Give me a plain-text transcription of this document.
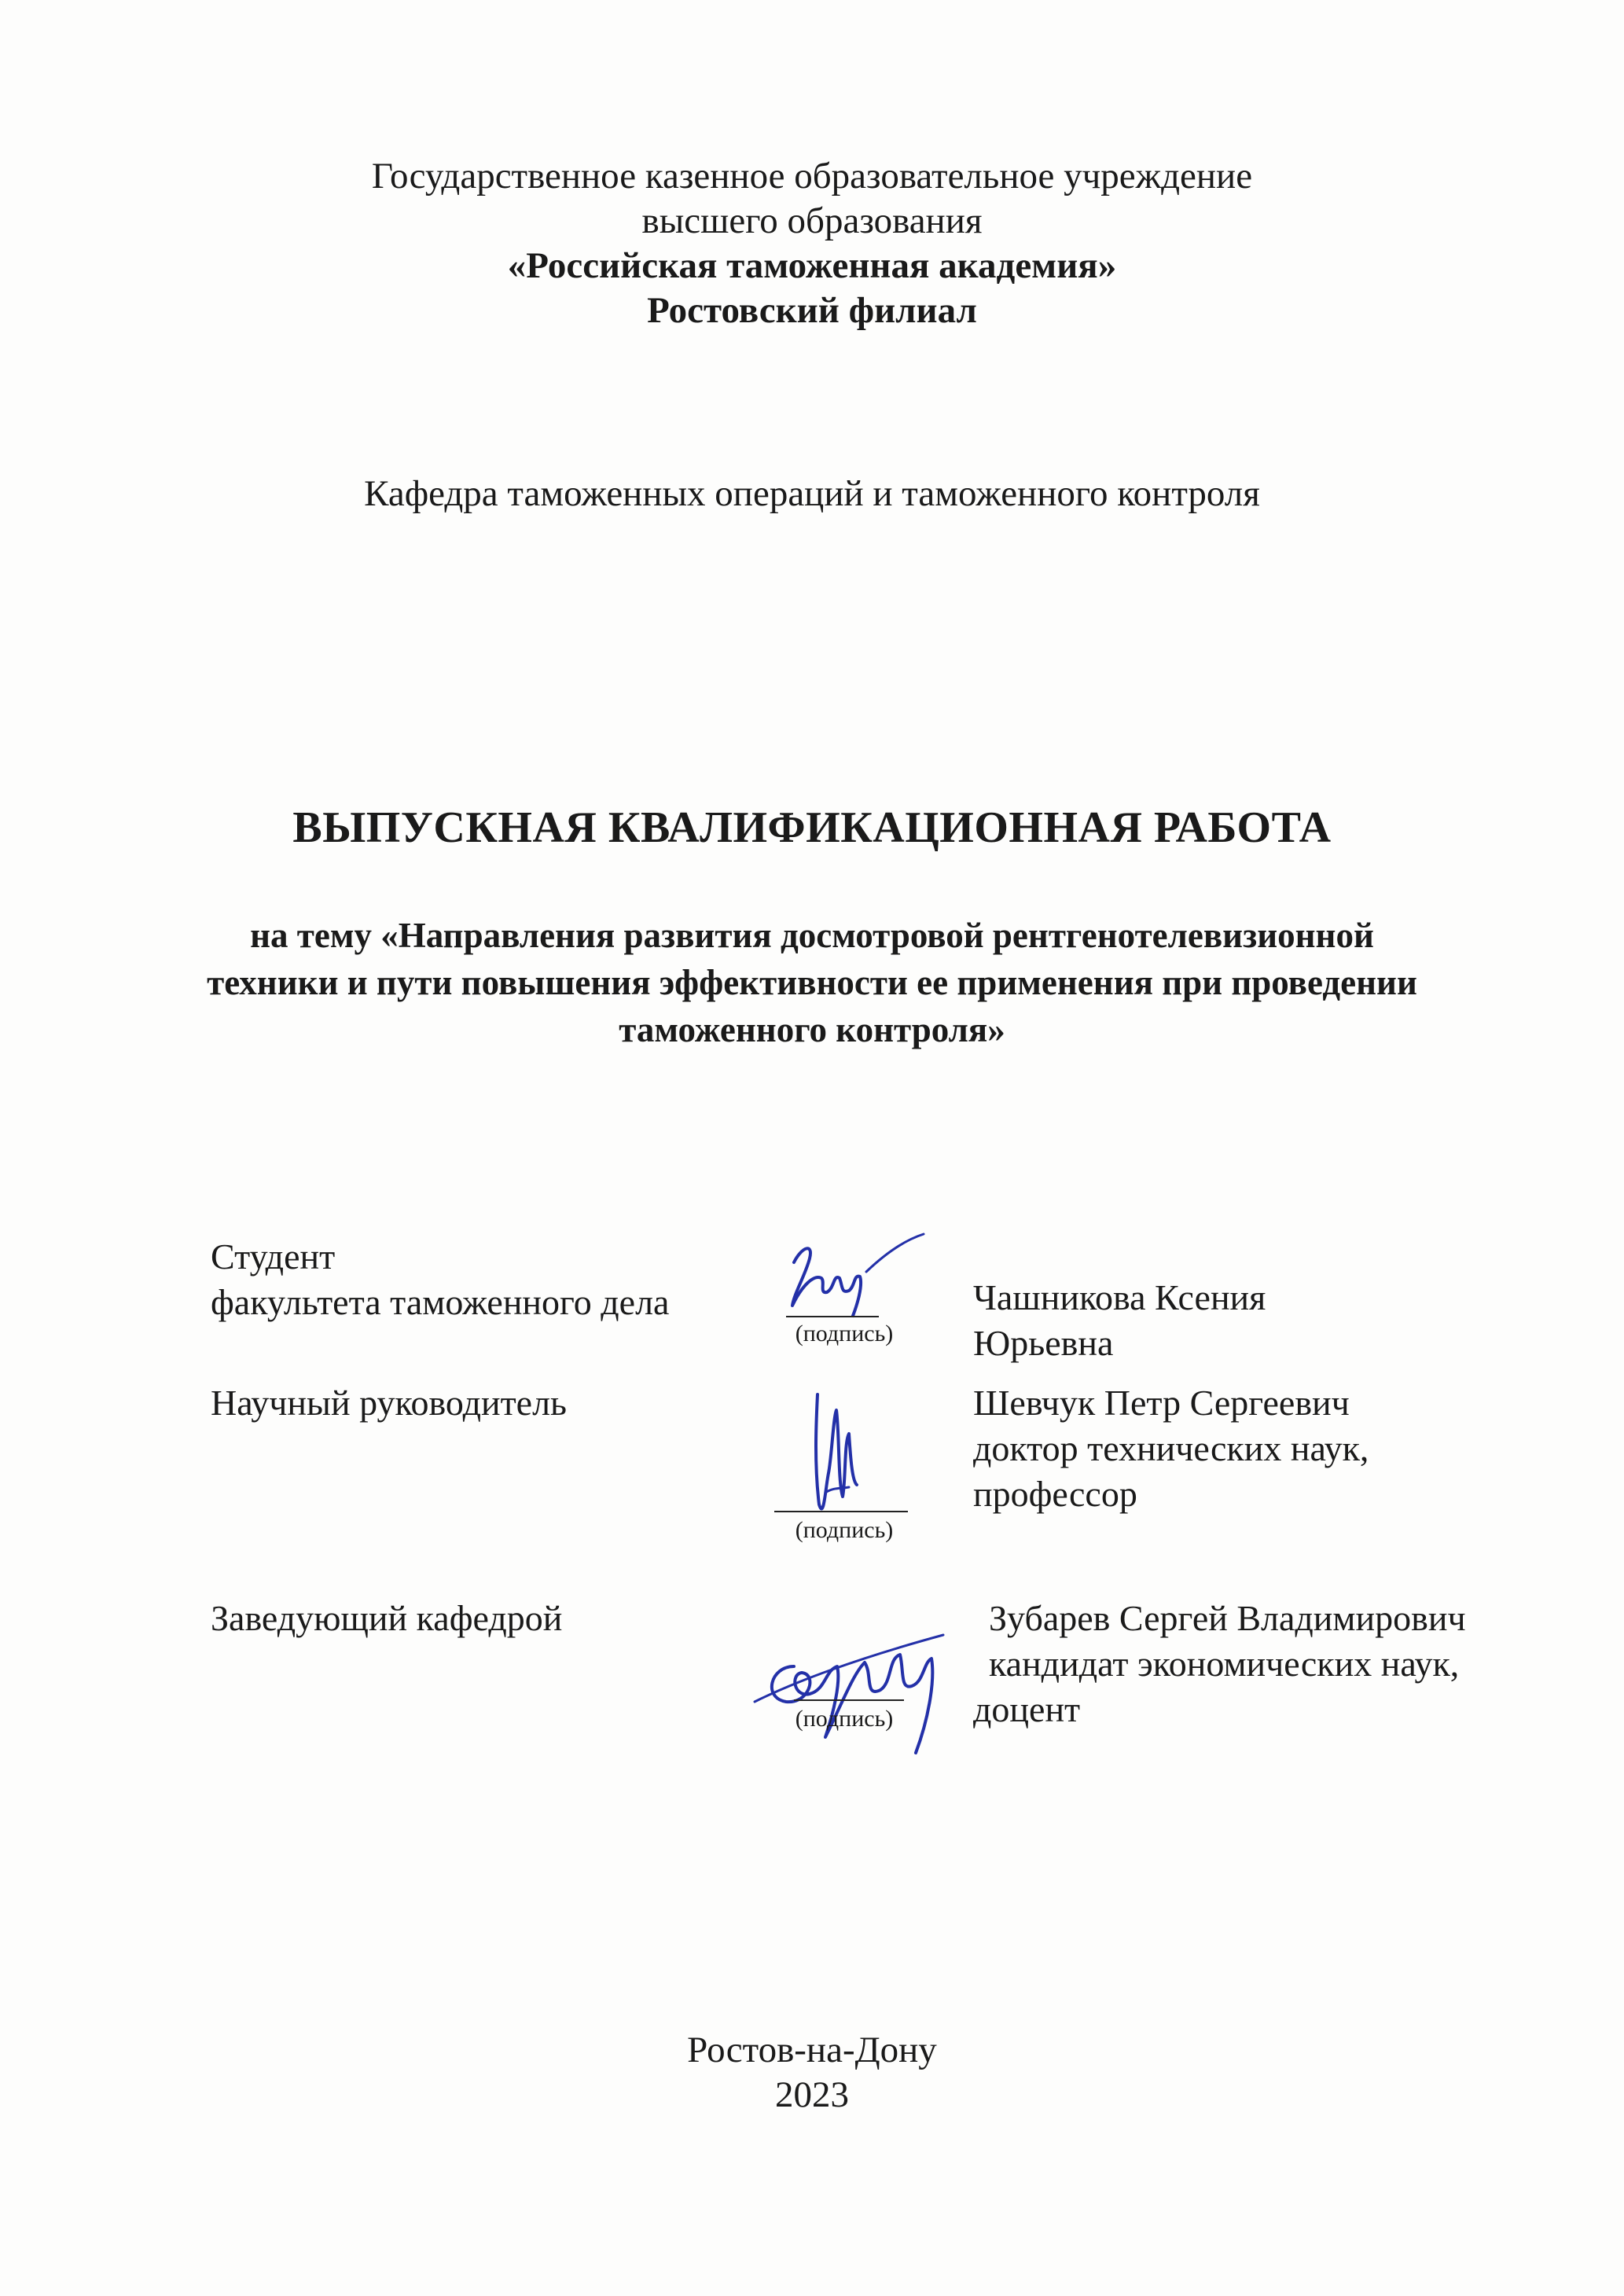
Государственное казенное образовательное учреждение
высшего образования
«Российская таможенная академия»
Ростовский филиал
Кафедра таможенных операций и таможенного контроля
ВЫПУСКНАЯ КВАЛИФИКАЦИОННАЯ РАБОТА
на тему «Направления развития досмотровой рентгенотелевизионной
техники и пути повышения эффективности ее применения при проведении
таможенного контроля»
Студент
факультета таможенного дела
(подпись)
Чашникова Ксения
Юрьевна
Научный руководитель
(подпись)
Шевчук Петр Сергеевич
доктор технических наук,
профессор
Заведующий кафедрой
(подпись)
Зубарев Сергей Владимирович
кандидат экономических наук,
доцент
Ростов-на-Дону
2023
